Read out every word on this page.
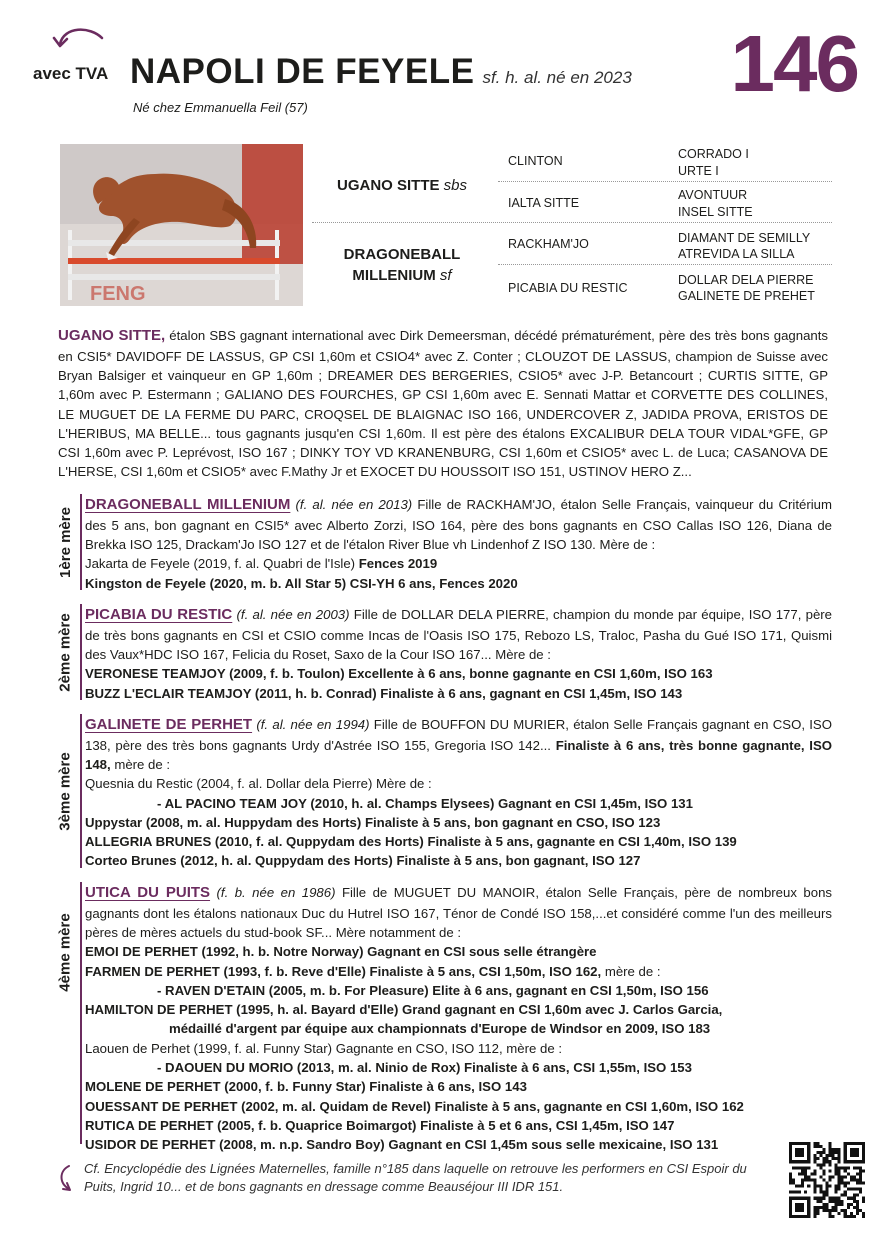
avec TVA NAPOLI DE FEYELE sf. h. al. né en 2023
Né chez Emmanuella Feil (57)	146
FENG
UGANO SITTE sbs
DRAGONEBALL MILLENIUM sf
CLINTON
IALTA SITTE
RACKHAM'JO
PICABIA DU RESTIC
CORRADO I
URTE I
AVONTUUR
INSEL SITTE
DIAMANT DE SEMILLY
ATREVIDA LA SILLA
DOLLAR DELA PIERRE
GALINETE DE PREHET
UGANO SITTE, étalon SBS gagnant international avec Dirk Demeersman, décédé prématurément, père des très bons gagnants en CSI5* DAVIDOFF DE LASSUS, GP CSI 1,60m et CSIO4* avec Z. Conter ; CLOUZOT DE LASSUS, champion de Suisse avec Bryan Balsiger et vainqueur en GP 1,60m ; DREAMER DES BERGERIES, CSIO5* avec J-P. Betancourt ; CURTIS SITTE, GP 1,60m avec P. Estermann ; GALIANO DES FOURCHES, GP CSI 1,60m avec E. Sennati Mattar et CORVETTE DES COLLINES, LE MUGUET DE LA FERME DU PARC, CROQSEL DE BLAIGNAC ISO 166, UNDERCOVER Z, JADIDA PROVA, ERISTOS DE L'HERIBUS, MA BELLE... tous gagnants jusqu'en CSI 1,60m. Il est père des étalons EXCALIBUR DELA TOUR VIDAL*GFE, GP CSI 1,60m avec P. Leprévost, ISO 167 ; DINKY TOY VD KRANENBURG, CSI 1,60m et CSIO5* avec L. de Luca; CASANOVA DE L'HERSE, CSI 1,60m et CSIO5* avec F.Mathy Jr et EXOCET DU HOUSSOIT ISO 151, USTINOV HERO Z...
1ère mère
DRAGONEBALL MILLENIUM (f. al. née en 2013) Fille de RACKHAM'JO, étalon Selle Français, vainqueur du Critérium des 5 ans, bon gagnant en CSI5* avec Alberto Zorzi, ISO 164, père des bons gagnants en CSO Callas ISO 126, Diana de Brekka ISO 125, Drackam'Jo ISO 127 et de l'étalon River Blue vh Lindenhof Z ISO 130. Mère de :
Jakarta de Feyele (2019, f. al. Quabri de l'Isle) Fences 2019
Kingston de Feyele (2020, m. b. All Star 5) CSI-YH 6 ans, Fences 2020
2ème mère PICABIA DU RESTIC (f. al. née en 2003) Fille de DOLLAR DELA PIERRE, champion du monde par équipe, ISO 177, père de très bons gagnants en CSI et CSIO comme Incas de l'Oasis ISO 175, Rebozo LS, Traloc, Pasha du Gué ISO 171, Quismi des Vaux*HDC ISO 167, Felicia du Roset, Saxo de la Cour ISO 167... Mère de :
VERONESE TEAMJOY (2009, f. b. Toulon) Excellente à 6 ans, bonne gagnante en CSI 1,60m, ISO 163
BUZZ L'ECLAIR TEAMJOY (2011, h. b. Conrad) Finaliste à 6 ans, gagnant en CSI 1,45m, ISO 143
3ème mère
GALINETE DE PERHET (f. al. née en 1994) Fille de BOUFFON DU MURIER, étalon Selle Français gagnant en CSO, ISO 138, père des très bons gagnants Urdy d'Astrée ISO 155, Gregoria ISO 142... Finaliste à 6 ans, très bonne gagnante, ISO 148, mère de :
Quesnia du Restic (2004, f. al. Dollar dela Pierre) Mère de :
- AL PACINO TEAM JOY (2010, h. al. Champs Elysees) Gagnant en CSI 1,45m, ISO 131
Uppystar (2008, m. al. Huppydam des Horts) Finaliste à 5 ans, bon gagnant en CSO, ISO 123
ALLEGRIA BRUNES (2010, f. al. Quppydam des Horts) Finaliste à 5 ans, gagnante en CSI 1,40m, ISO 139
Corteo Brunes (2012, h. al. Quppydam des Horts) Finaliste à 5 ans, bon gagnant, ISO 127
4ème mère
UTICA DU PUITS (f. b. née en 1986) Fille de MUGUET DU MANOIR, étalon Selle Français, père de nombreux bons gagnants dont les étalons nationaux Duc du Hutrel ISO 167, Ténor de Condé ISO 158,...et considéré comme l'un des meilleurs pères de mères actuels du stud-book SF... Mère notamment de :
EMOI DE PERHET (1992, h. b. Notre Norway) Gagnant en CSI sous selle étrangère
FARMEN DE PERHET (1993, f. b. Reve d'Elle) Finaliste à 5 ans, CSI 1,50m, ISO 162, mère de :
- RAVEN D'ETAIN (2005, m. b. For Pleasure) Elite à 6 ans, gagnant en CSI 1,50m, ISO 156
HAMILTON DE PERHET (1995, h. al. Bayard d'Elle) Grand gagnant en CSI 1,60m avec J. Carlos Garcia,
médaillé d'argent par équipe aux championnats d'Europe de Windsor en 2009, ISO 183
Laouen de Perhet (1999, f. al. Funny Star) Gagnante en CSO, ISO 112, mère de :
- DAOUEN DU MORIO (2013, m. al. Ninio de Rox) Finaliste à 6 ans, CSI 1,55m, ISO 153
MOLENE DE PERHET (2000, f. b. Funny Star) Finaliste à 6 ans, ISO 143
OUESSANT DE PERHET (2002, m. al. Quidam de Revel) Finaliste à 5 ans, gagnante en CSI 1,60m, ISO 162
RUTICA DE PERHET (2005, f. b. Quaprice Boimargot) Finaliste à 5 et 6 ans, CSI 1,45m, ISO 147
USIDOR DE PERHET (2008, m. n.p. Sandro Boy) Gagnant en CSI 1,45m sous selle mexicaine, ISO 131
Cf. Encyclopédie des Lignées Maternelles, famille n°185 dans laquelle on retrouve les performers en CSI Espoir du Puits, Ingrid 10... et de bons gagnants en dressage comme Beauséjour III IDR 151.
